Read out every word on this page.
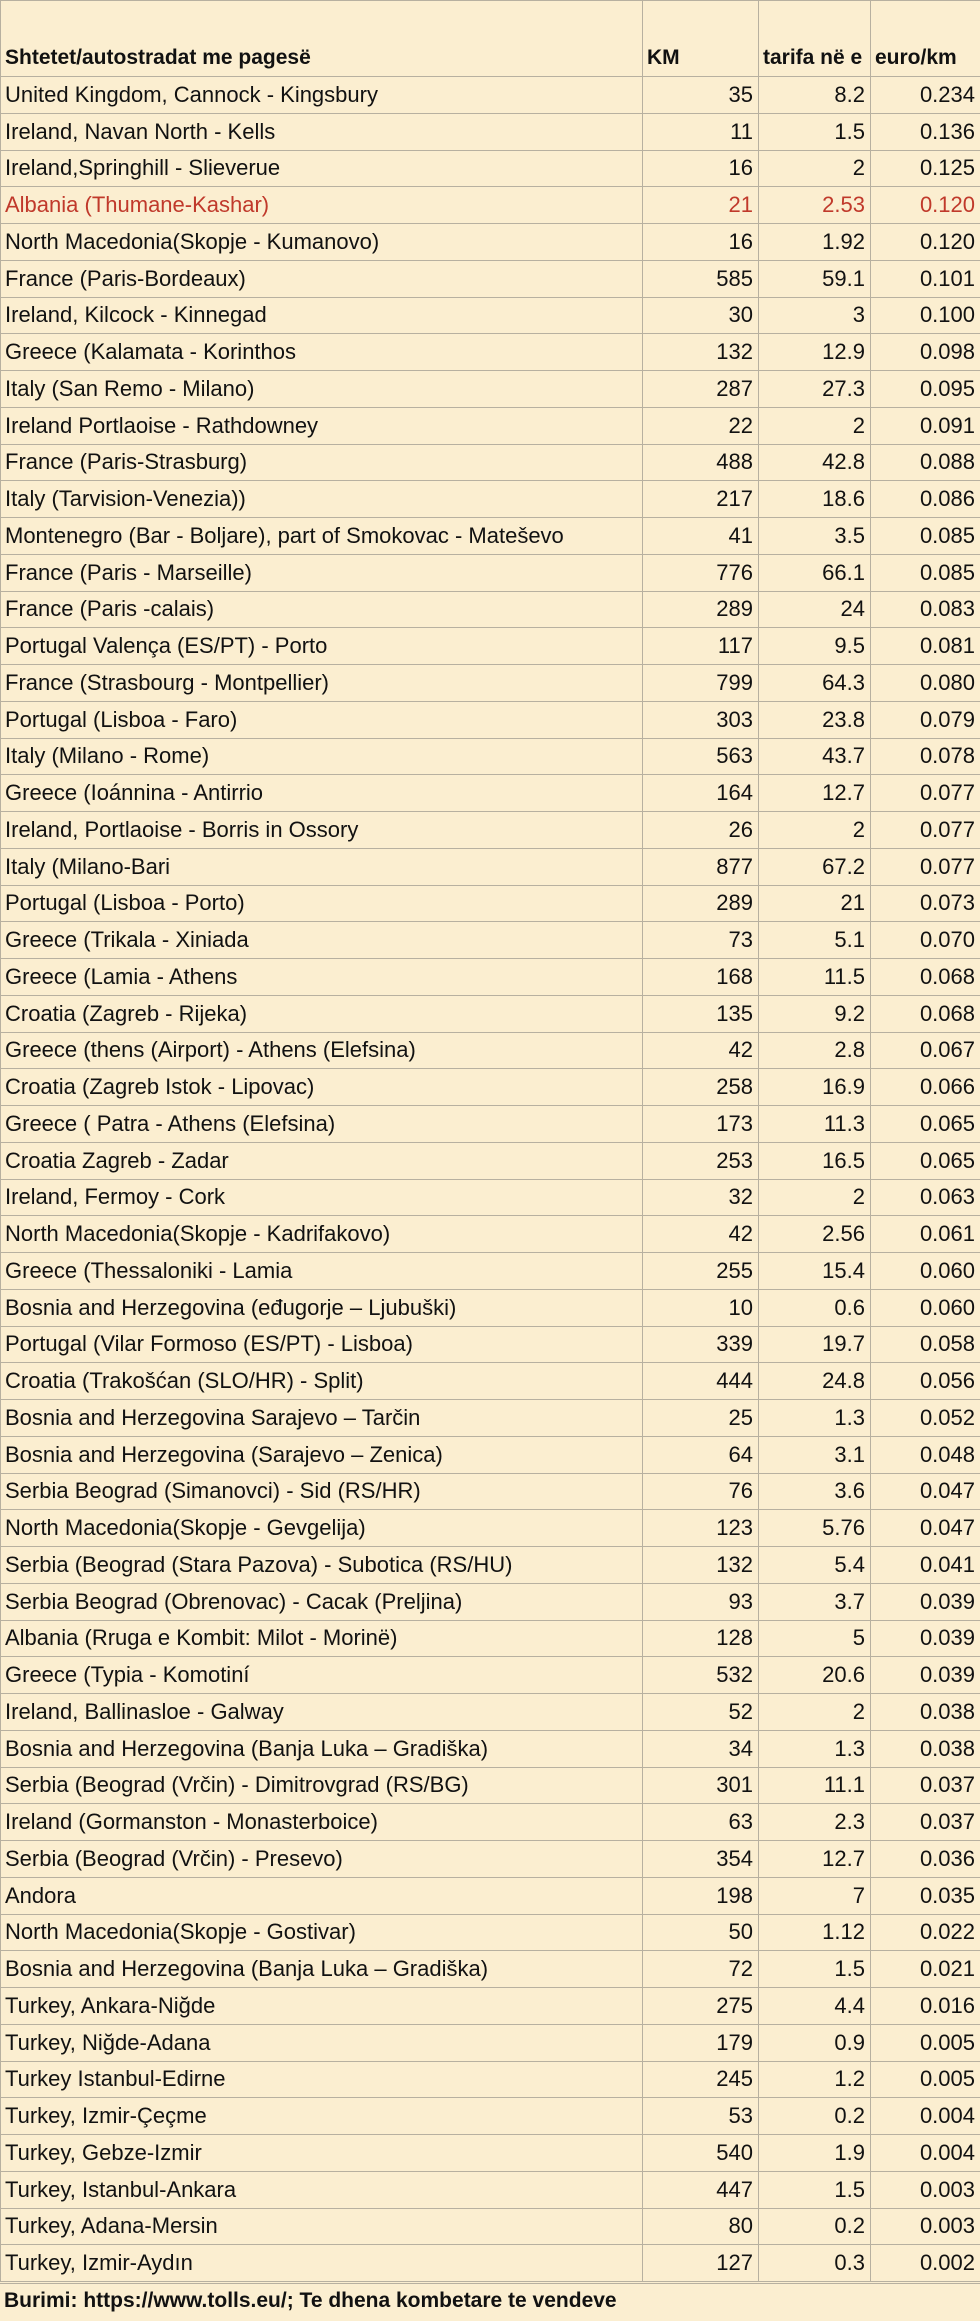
Shtetet/autostradat me pagesë	KM	tarifa në e	euro/km
United Kingdom, Cannock - Kingsbury	35	8.2	0.234
Ireland, Navan North - Kells	11	1.5	0.136
Ireland,Springhill - Slieverue	16	2	0.125
Albania (Thumane-Kashar)	21	2.53	0.120
North Macedonia(Skopje - Kumanovo)	16	1.92	0.120
France (Paris-Bordeaux)	585	59.1	0.101
Ireland, Kilcock - Kinnegad	30	3	0.100
Greece (Kalamata - Korinthos	132	12.9	0.098
Italy (San Remo - Milano)	287	27.3	0.095
Ireland Portlaoise - Rathdowney	22	2	0.091
France (Paris-Strasburg)	488	42.8	0.088
Italy (Tarvision-Venezia))	217	18.6	0.086
Montenegro (Bar - Boljare), part of Smokovac - Mateševo	41	3.5	0.085
France (Paris - Marseille)	776	66.1	0.085
France (Paris -calais)	289	24	0.083
Portugal Valença (ES/PT) - Porto	117	9.5	0.081
France (Strasbourg - Montpellier)	799	64.3	0.080
Portugal (Lisboa - Faro)	303	23.8	0.079
Italy (Milano - Rome)	563	43.7	0.078
Greece (Ioánnina - Antirrio	164	12.7	0.077
Ireland, Portlaoise - Borris in Ossory	26	2	0.077
Italy (Milano-Bari	877	67.2	0.077
Portugal (Lisboa - Porto)	289	21	0.073
Greece (Trikala - Xiniada	73	5.1	0.070
Greece (Lamia - Athens	168	11.5	0.068
Croatia (Zagreb - Rijeka)	135	9.2	0.068
Greece (thens (Airport) - Athens (Elefsina)	42	2.8	0.067
Croatia (Zagreb Istok - Lipovac)	258	16.9	0.066
Greece ( Patra - Athens (Elefsina)	173	11.3	0.065
Croatia Zagreb - Zadar	253	16.5	0.065
Ireland, Fermoy - Cork	32	2	0.063
North Macedonia(Skopje - Kadrifakovo)	42	2.56	0.061
Greece (Thessaloniki - Lamia	255	15.4	0.060
Bosnia and Herzegovina (eđugorje – Ljubuški)	10	0.6	0.060
Portugal (Vilar Formoso (ES/PT) - Lisboa)	339	19.7	0.058
Croatia (Trakošćan (SLO/HR) - Split)	444	24.8	0.056
Bosnia and Herzegovina Sarajevo – Tarčin	25	1.3	0.052
Bosnia and Herzegovina (Sarajevo – Zenica)	64	3.1	0.048
Serbia Beograd (Simanovci) - Sid (RS/HR)	76	3.6	0.047
North Macedonia(Skopje - Gevgelija)	123	5.76	0.047
Serbia (Beograd (Stara Pazova) - Subotica (RS/HU)	132	5.4	0.041
Serbia Beograd (Obrenovac) - Cacak (Preljina)	93	3.7	0.039
Albania (Rruga e Kombit: Milot - Morinë)	128	5	0.039
Greece (Typia - Komotiní	532	20.6	0.039
Ireland, Ballinasloe - Galway	52	2	0.038
Bosnia and Herzegovina (Banja Luka – Gradiška)	34	1.3	0.038
Serbia (Beograd (Vrčin) - Dimitrovgrad (RS/BG)	301	11.1	0.037
Ireland (Gormanston - Monasterboice)	63	2.3	0.037
Serbia (Beograd (Vrčin) - Presevo)	354	12.7	0.036
Andora	198	7	0.035
North Macedonia(Skopje - Gostivar)	50	1.12	0.022
Bosnia and Herzegovina (Banja Luka – Gradiška)	72	1.5	0.021
Turkey, Ankara-Niğde	275	4.4	0.016
Turkey, Niğde-Adana	179	0.9	0.005
Turkey Istanbul-Edirne	245	1.2	0.005
Turkey, Izmir-Çeçme	53	0.2	0.004
Turkey, Gebze-Izmir	540	1.9	0.004
Turkey, Istanbul-Ankara	447	1.5	0.003
Turkey, Adana-Mersin	80	0.2	0.003
Turkey, Izmir-Aydın	127	0.3	0.002
Burimi: https://www.tolls.eu/; Te dhena kombetare te vendeve
